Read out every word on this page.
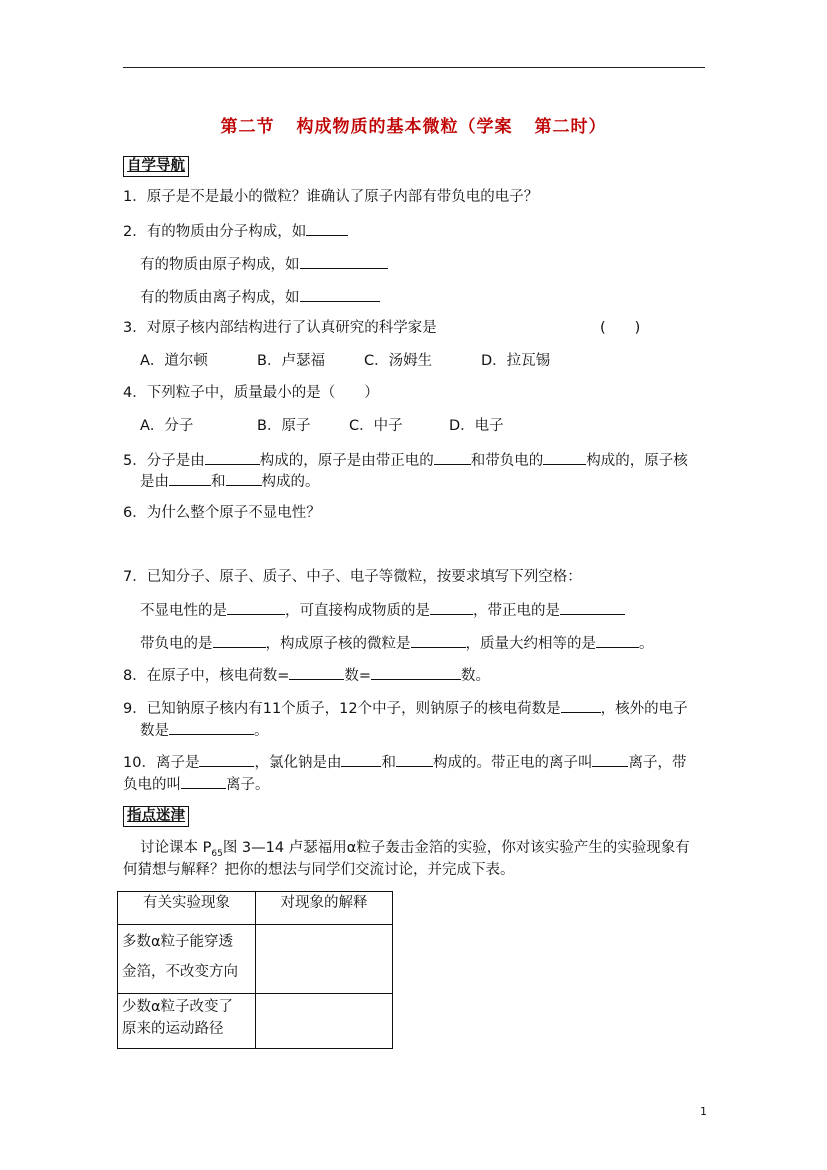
第二节 构成物质的基本微粒（学案 第二时）
自学导航
1．原子是不是最小的微粒？谁确认了原子内部有带负电的电子？
2．有的物质由分子构成，如
有的物质由原子构成，如
有的物质由离子构成，如
3．对原子核内部结构进行了认真研究的科学家是	(　　)
A．道尔顿	B．卢瑟福	C．汤姆生	D．拉瓦锡
4．下列粒子中，质量最小的是（　　）
A．分子	B．原子	C．中子	D．电子
5．分子是由	构成的，原子是由带正电的	和带负电的	构成的，原子核
是由	和 构成的。
6．为什么整个原子不显电性？
7．已知分子、原子、质子、中子、电子等微粒，按要求填写下列空格：
不显电性的是	，可直接构成物质的是	，带正电的是
带负电的是	，构成原子核的微粒是	，质量大约相等的是	。
8．在原子中，核电荷数=	数=	数。
9．已知钠原子核内有11个质子，12个中子，则钠原子的核电荷数是	，核外的电子
数是	。
10．离子是	，氯化钠是由	和	构成的。带正电的离子叫 离子，带
负电的叫	离子。
指点迷津
讨论课本 $P_{65}$图 3—14 卢瑟福用α粒子轰击金箔的实验，你对该实验产生的实验现象有
何猜想与解释？把你的想法与同学们交流讨论，并完成下表。
有关实验现象	对现象的解释

多数α粒子能穿透
金箔，不改变方向	

少数α粒子改变了
原来的运动路径	

1
